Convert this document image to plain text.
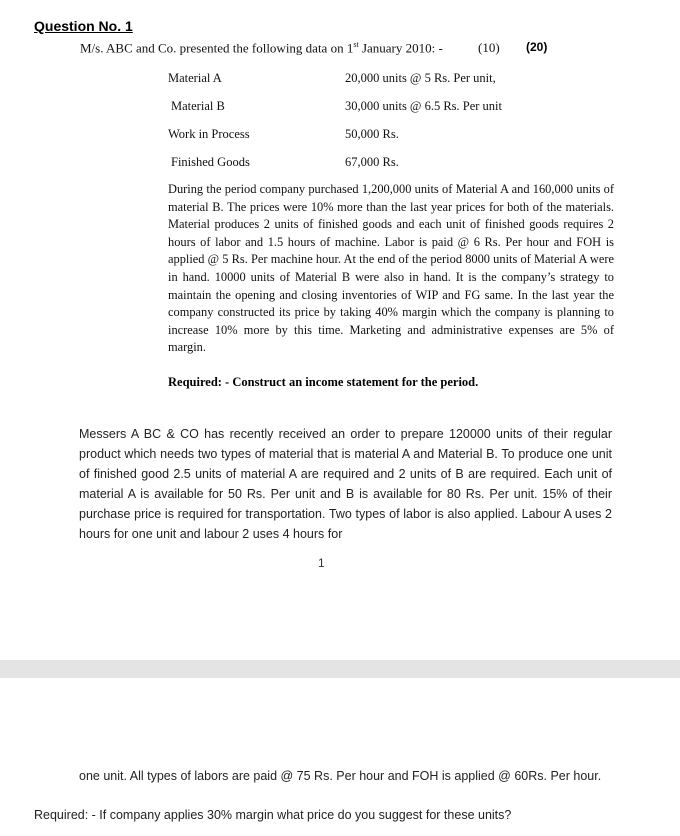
Question No. 1
M/s. ABC and Co. presented the following data on 1st January 2010: -	(10) (20)
Material A	20,000 units @ 5 Rs. Per unit,
Material B	30,000 units @ 6.5 Rs. Per unit
Work in Process	50,000 Rs.
Finished Goods	67,000 Rs.

During the period company purchased 1,200,000 units of Material A and 160,000 units of material B. The prices were 10% more than the last year prices for both of the materials. Material produces 2 units of finished goods and each unit of finished goods requires 2 hours of labor and 1.5 hours of machine. Labor is paid @ 6 Rs. Per hour and FOH is applied @ 5 Rs. Per machine hour. At the end of the period 8000 units of Material A were in hand. 10000 units of Material B were also in hand. It is the company’s strategy to maintain the opening and closing inventories of WIP and FG same. In the last year the company constructed its price by taking 40% margin which the company is planning to increase 10% more by this time. Marketing and administrative expenses are 5% of margin.

Required: - Construct an income statement for the period.

Messers A BC & CO has recently received an order to prepare 120000 units of their regular product which needs two types of material that is material A and Material B. To produce one unit of finished good 2.5 units of material A are required and 2 units of B are required. Each unit of material A is available for 50 Rs. Per unit and B is available for 80 Rs. Per unit. 15% of their purchase price is required for transportation. Two types of labor is also applied. Labour A uses 2 hours for one unit and labour 2 uses 4 hours for

1

one unit. All types of labors are paid @ 75 Rs. Per hour and FOH is applied @ 60Rs. Per hour.

Required: - If company applies 30% margin what price do you suggest for these units?
